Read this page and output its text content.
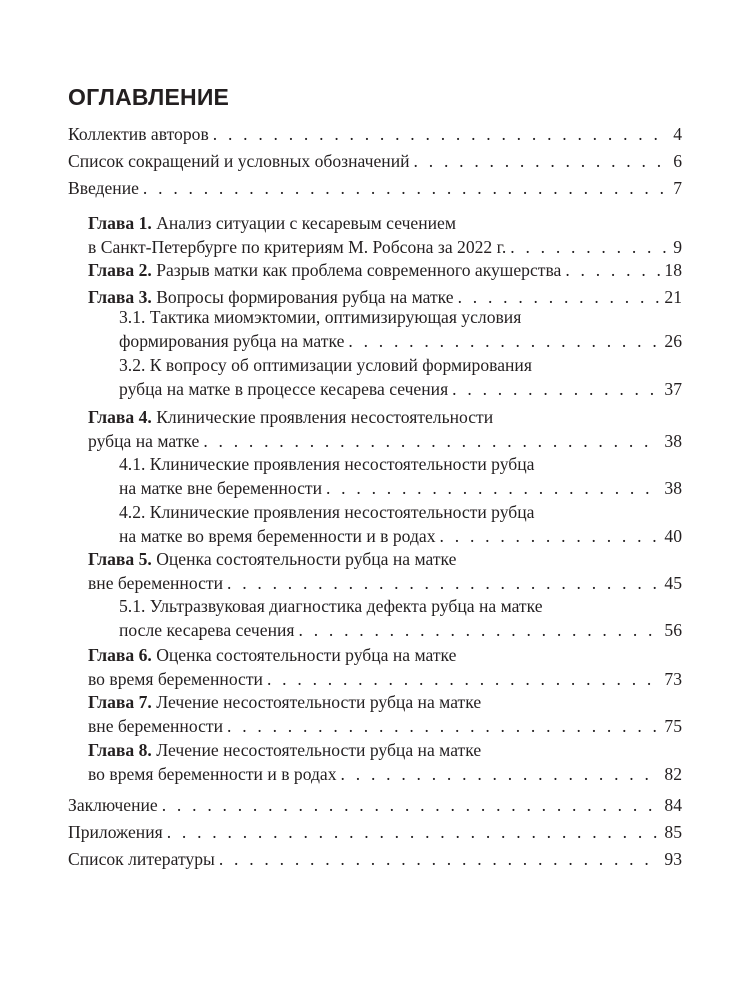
ОГЛАВЛЕНИЕ
Коллектив авторов . . .	4
Список сокращений и условных обозначений . . .	6
Введение . . .	7
Глава 1. Анализ ситуации с кесаревым сечением
в Санкт-Петербурге по критериям М. Робсона за 2022 г. . . .	9
Глава 2. Разрыв матки как проблема современного акушерства . . .	18
Глава 3. Вопросы формирования рубца на матке . . .	21
3.1. Тактика миомэктомии, оптимизирующая условия
формирования рубца на матке . . .	26
3.2. К вопросу об оптимизации условий формирования
рубца на матке в процессе кесарева сечения . . .	37
Глава 4. Клинические проявления несостоятельности
рубца на матке . . .	38
4.1. Клинические проявления несостоятельности рубца
на матке вне беременности . . .	38
4.2. Клинические проявления несостоятельности рубца
на матке во время беременности и в родах . . .	40
Глава 5. Оценка состоятельности рубца на матке
вне беременности . . .	45
5.1. Ультразвуковая диагностика дефекта рубца на матке
после кесарева сечения . . .	56
Глава 6. Оценка состоятельности рубца на матке
во время беременности . . .	73
Глава 7. Лечение несостоятельности рубца на матке
вне беременности . . .	75
Глава 8. Лечение несостоятельности рубца на матке
во время беременности и в родах . . .	82
Заключение . . .	84
Приложения . . .	85
Список литературы . . .	93
